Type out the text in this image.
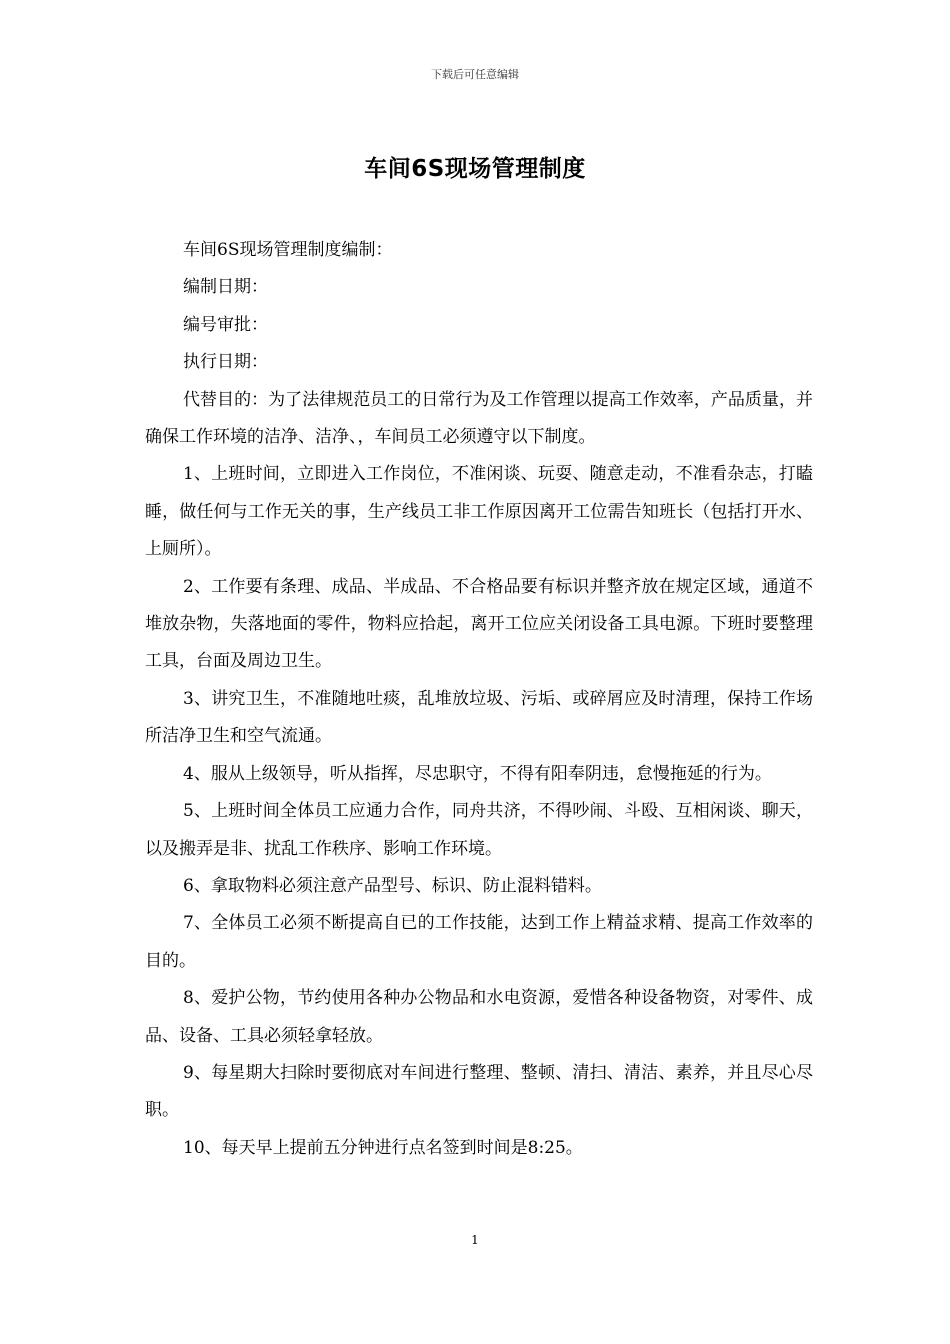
下载后可任意编辑
车间6S现场管理制度

车间6S现场管理制度编制：

编制日期：

编号审批：

执行日期：

代替目的：为了法律规范员工的日常行为及工作管理以提高工作效率，产品质量，并确保工作环境的洁净、洁净、，车间员工必须遵守以下制度。

1、上班时间，立即进入工作岗位，不准闲谈、玩耍、随意走动，不准看杂志，打瞌睡，做任何与工作无关的事，生产线员工非工作原因离开工位需告知班长（包括打开水、上厕所）。

2、工作要有条理、成品、半成品、不合格品要有标识并整齐放在规定区域，通道不堆放杂物，失落地面的零件，物料应拾起，离开工位应关闭设备工具电源。下班时要整理工具，台面及周边卫生。

3、讲究卫生，不准随地吐痰，乱堆放垃圾、污垢、或碎屑应及时清理，保持工作场所洁净卫生和空气流通。

4、服从上级领导，听从指挥，尽忠职守，不得有阳奉阴违，怠慢拖延的行为。

5、上班时间全体员工应通力合作，同舟共济，不得吵闹、斗殴、互相闲谈、聊天，以及搬弄是非、扰乱工作秩序、影响工作环境。

6、拿取物料必须注意产品型号、标识、防止混料错料。

7、全体员工必须不断提高自已的工作技能，达到工作上精益求精、提高工作效率的目的。

8、爱护公物，节约使用各种办公物品和水电资源，爱惜各种设备物资，对零件、成品、设备、工具必须轻拿轻放。

9、每星期大扫除时要彻底对车间进行整理、整顿、清扫、清洁、素养，并且尽心尽职。

10、每天早上提前五分钟进行点名签到时间是8:25。

1
